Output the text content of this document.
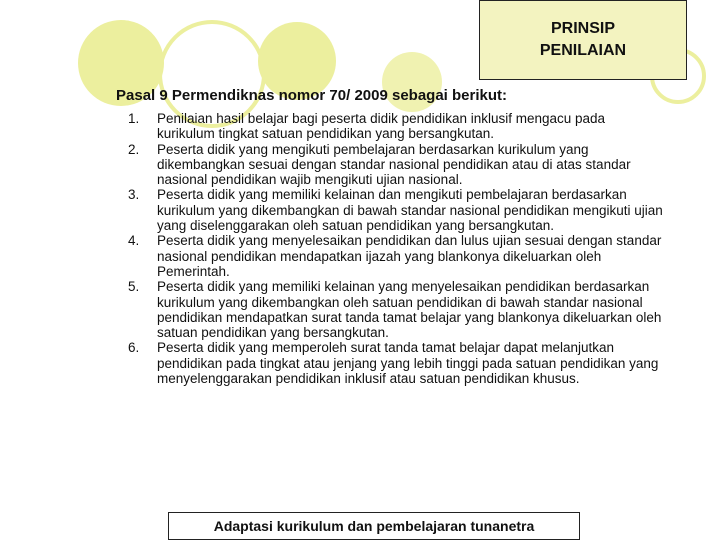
PRINSIP
PENILAIAN

Pasal 9 Permendiknas nomor 70/ 2009 sebagai berikut:

1. Penilaian hasil belajar bagi peserta didik pendidikan inklusif mengacu pada kurikulum tingkat satuan pendidikan yang bersangkutan.
2. Peserta didik yang mengikuti pembelajaran berdasarkan kurikulum yang dikembangkan sesuai dengan standar nasional pendidikan atau di atas standar nasional pendidikan wajib mengikuti ujian nasional.
3. Peserta didik yang memiliki kelainan dan mengikuti pembelajaran berdasarkan kurikulum yang dikembangkan di bawah standar nasional pendidikan mengikuti ujian yang diselenggarakan oleh satuan pendidikan yang bersangkutan.
4. Peserta didik yang menyelesaikan pendidikan dan lulus ujian sesuai dengan standar nasional pendidikan mendapatkan ijazah yang blankonya dikeluarkan oleh Pemerintah.
5. Peserta didik yang memiliki kelainan yang menyelesaikan pendidikan berdasarkan kurikulum yang dikembangkan oleh satuan pendidikan di bawah standar nasional pendidikan mendapatkan surat tanda tamat belajar yang blankonya dikeluarkan oleh satuan pendidikan yang bersangkutan.
6. Peserta didik yang memperoleh surat tanda tamat belajar dapat melanjutkan pendidikan pada tingkat atau jenjang yang lebih tinggi pada satuan pendidikan yang menyelenggarakan pendidikan inklusif atau satuan pendidikan khusus.
Adaptasi kurikulum dan pembelajaran tunanetra
